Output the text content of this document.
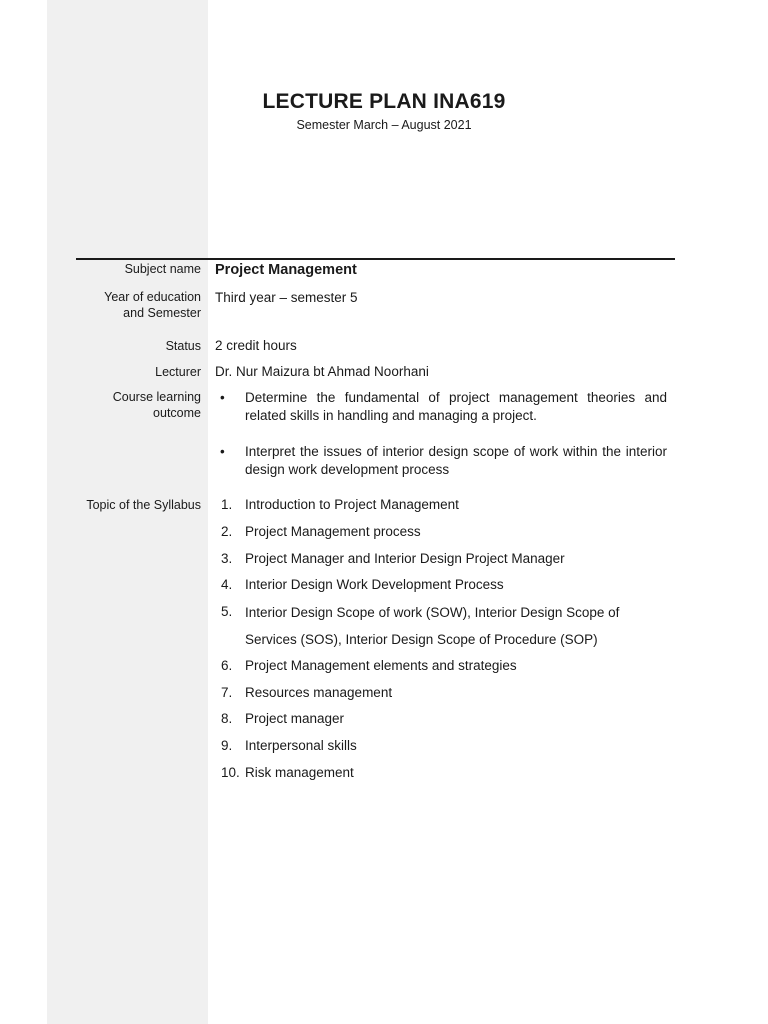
LECTURE PLAN INA619
Semester March – August 2021
Subject name Project Management
Year of education
and Semester
Third year – semester 5
Status 2 credit hours
Lecturer Dr. Nur Maizura bt Ahmad Noorhani
Course learning
outcome
•	Determine the fundamental of project management theories and related skills in handling and managing a project.
•	Interpret the issues of interior design scope of work within the interior design work development process
Topic of the Syllabus 1. Introduction to Project Management
2. Project Management process
3. Project Manager and Interior Design Project Manager
4. Interior Design Work Development Process
5. Interior Design Scope of work (SOW), Interior Design Scope of Services (SOS), Interior Design Scope of Procedure (SOP)
6. Project Management elements and strategies
7. Resources management
8. Project manager
9. Interpersonal skills
10. Risk management
